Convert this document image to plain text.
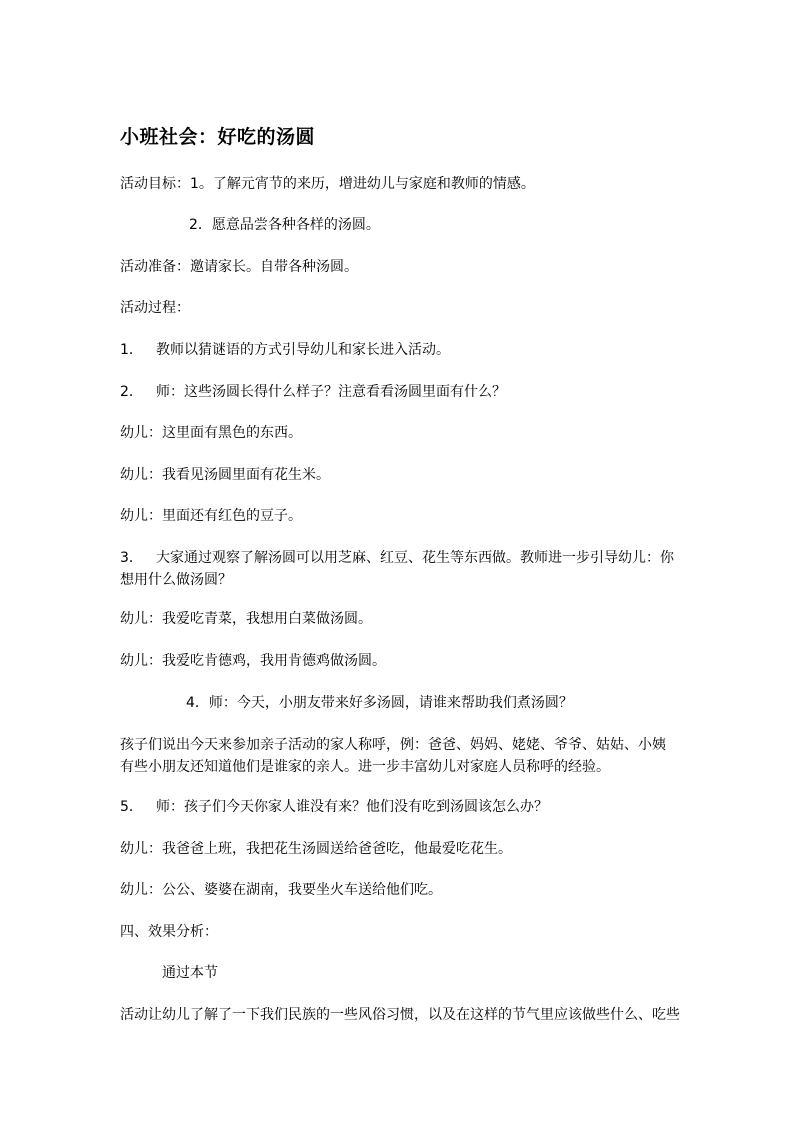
小班社会：好吃的汤圆
活动目标：1。了解元宵节的来历，增进幼儿与家庭和教师的情感。
2．愿意品尝各种各样的汤圆。
活动准备：邀请家长。自带各种汤圆。
活动过程：
1． 教师以猜谜语的方式引导幼儿和家长进入活动。
2． 师：这些汤圆长得什么样子？注意看看汤圆里面有什么？
幼儿：这里面有黑色的东西。
幼儿：我看见汤圆里面有花生米。
幼儿：里面还有红色的豆子。
3． 大家通过观察了解汤圆可以用芝麻、红豆、花生等东西做。教师进一步引导幼儿：你想用什么做汤圆？
幼儿：我爱吃青菜，我想用白菜做汤圆。
幼儿：我爱吃肯德鸡，我用肯德鸡做汤圆。
4．师：今天，小朋友带来好多汤圆，请谁来帮助我们煮汤圆？
孩子们说出今天来参加亲子活动的家人称呼，例：爸爸、妈妈、姥姥、爷爷、姑姑、小姨有些小朋友还知道他们是谁家的亲人。进一步丰富幼儿对家庭人员称呼的经验。
5． 师：孩子们今天你家人谁没有来？他们没有吃到汤圆该怎么办？
幼儿：我爸爸上班，我把花生汤圆送给爸爸吃，他最爱吃花生。
幼儿：公公、婆婆在湖南，我要坐火车送给他们吃。
四、效果分析：
通过本节
活动让幼儿了解了一下我们民族的一些风俗习惯，以及在这样的节气里应该做些什么、吃些
